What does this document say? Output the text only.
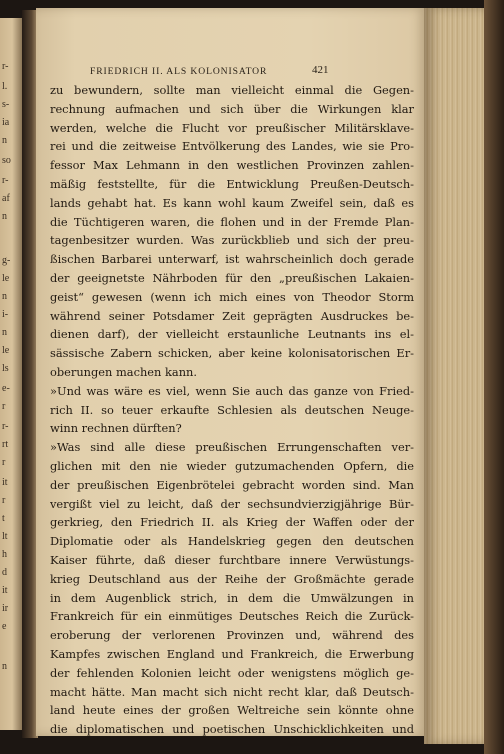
r-
l.
s-
ia
n
so
r-
af
n
g-
le
n
i-
n
le
ls
e-
r
r-
rt
r
it
r
t
lt
h
d
it
ir
e
n
FRIEDRICH II. ALS KOLONISATOR	421
zu bewundern, sollte man vielleicht einmal die Gegen-
rechnung aufmachen und sich über die Wirkungen klar
werden, welche die Flucht vor preußischer Militärsklave-
rei und die zeitweise Entvölkerung des Landes, wie sie Pro-
fessor Max Lehmann in den westlichen Provinzen zahlen-
mäßig feststellte, für die Entwicklung Preußen-Deutsch-
lands gehabt hat. Es kann wohl kaum Zweifel sein, daß es
die Tüchtigeren waren, die flohen und in der Fremde Plan-
tagenbesitzer wurden. Was zurückblieb und sich der preu-
ßischen Barbarei unterwarf, ist wahrscheinlich doch gerade
der geeignetste Nährboden für den „preußischen Lakaien-
geist“ gewesen (wenn ich mich eines von Theodor Storm
während seiner Potsdamer Zeit geprägten Ausdruckes be-
dienen darf), der vielleicht erstaunliche Leutnants ins el-
sässische Zabern schicken, aber keine kolonisatorischen Er-
oberungen machen kann.
»Und was wäre es viel, wenn Sie auch das ganze von Fried-
rich II. so teuer erkaufte Schlesien als deutschen Neuge-
winn rechnen dürften?
»Was sind alle diese preußischen Errungenschaften ver-
glichen mit den nie wieder gutzumachenden Opfern, die
der preußischen Eigenbrötelei gebracht worden sind. Man
vergißt viel zu leicht, daß der sechsundvierzigjährige Bür-
gerkrieg, den Friedrich II. als Krieg der Waffen oder der
Diplomatie oder als Handelskrieg gegen den deutschen
Kaiser führte, daß dieser furchtbare innere Verwüstungs-
krieg Deutschland aus der Reihe der Großmächte gerade
in dem Augenblick strich, in dem die Umwälzungen in
Frankreich für ein einmütiges Deutsches Reich die Zurück-
eroberung der verlorenen Provinzen und, während des
Kampfes zwischen England und Frankreich, die Erwerbung
der fehlenden Kolonien leicht oder wenigstens möglich ge-
macht hätte. Man macht sich nicht recht klar, daß Deutsch-
land heute eines der großen Weltreiche sein könnte ohne
die diplomatischen und poetischen Unschicklichkeiten und
